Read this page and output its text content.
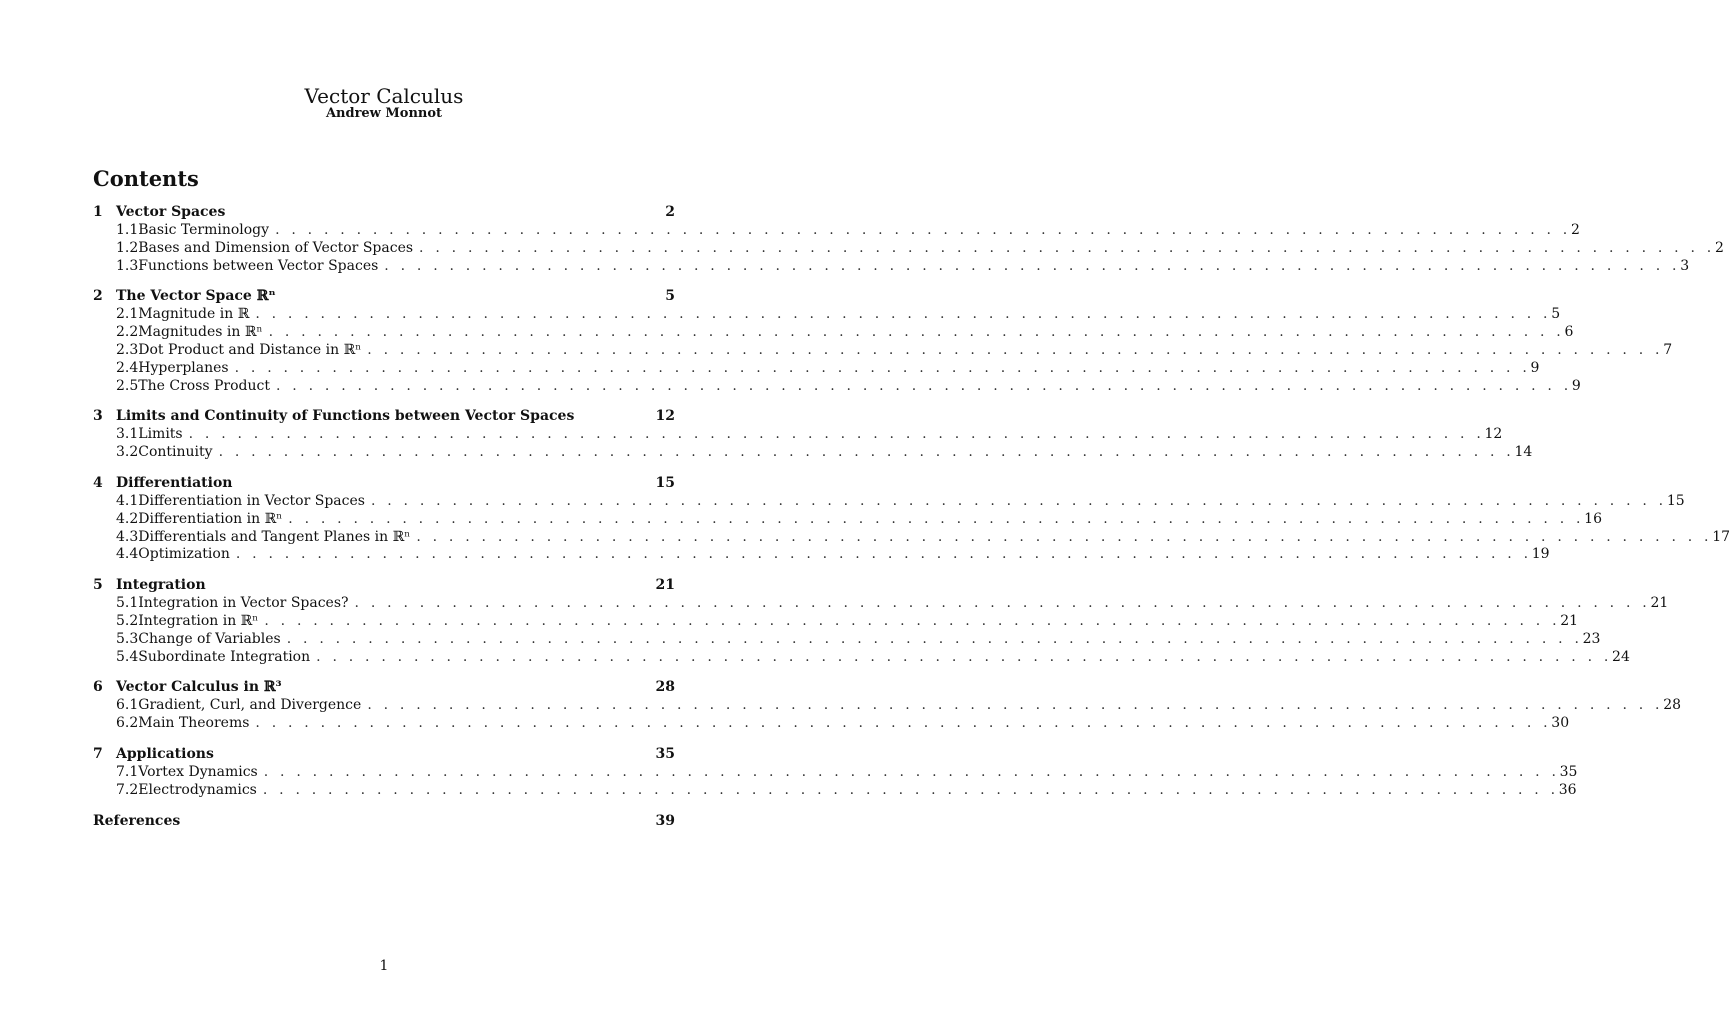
Vector Calculus
Andrew Monnot
Contents
1 Vector Spaces	2
1.1 Basic Terminology . . . . . . . . . . . . . . . . . . . . . . . . . . . . . . . . . . . . . . . . . . . . . . . . . . . . . . . . . . . . . . . . . . . . . . . . . . . . . . . . 2
1.2 Bases and Dimension of Vector Spaces . . . . . . . . . . . . . . . . . . . . . . . . . . . . . . . . . . . . . . . . . . . . . . . . . . . . . . . . . . . . . . . . . . . . . . . . . . . . . . . . 2
1.3 Functions between Vector Spaces . . . . . . . . . . . . . . . . . . . . . . . . . . . . . . . . . . . . . . . . . . . . . . . . . . . . . . . . . . . . . . . . . . . . . . . . . . . . . . . . 3
2 The Vector Space ℝⁿ	5
2.1 Magnitude in ℝ . . . . . . . . . . . . . . . . . . . . . . . . . . . . . . . . . . . . . . . . . . . . . . . . . . . . . . . . . . . . . . . . . . . . . . . . . . . . . . . . 5
2.2 Magnitudes in ℝⁿ . . . . . . . . . . . . . . . . . . . . . . . . . . . . . . . . . . . . . . . . . . . . . . . . . . . . . . . . . . . . . . . . . . . . . . . . . . . . . . . . 6
2.3 Dot Product and Distance in ℝⁿ . . . . . . . . . . . . . . . . . . . . . . . . . . . . . . . . . . . . . . . . . . . . . . . . . . . . . . . . . . . . . . . . . . . . . . . . . . . . . . . . 7
2.4 Hyperplanes . . . . . . . . . . . . . . . . . . . . . . . . . . . . . . . . . . . . . . . . . . . . . . . . . . . . . . . . . . . . . . . . . . . . . . . . . . . . . . . . 9
2.5 The Cross Product . . . . . . . . . . . . . . . . . . . . . . . . . . . . . . . . . . . . . . . . . . . . . . . . . . . . . . . . . . . . . . . . . . . . . . . . . . . . . . . . 9
3 Limits and Continuity of Functions between Vector Spaces	12
3.1 Limits . . . . . . . . . . . . . . . . . . . . . . . . . . . . . . . . . . . . . . . . . . . . . . . . . . . . . . . . . . . . . . . . . . . . . . . . . . . . . . . . 12
3.2 Continuity . . . . . . . . . . . . . . . . . . . . . . . . . . . . . . . . . . . . . . . . . . . . . . . . . . . . . . . . . . . . . . . . . . . . . . . . . . . . . . . . 14
4 Differentiation	15
4.1 Differentiation in Vector Spaces . . . . . . . . . . . . . . . . . . . . . . . . . . . . . . . . . . . . . . . . . . . . . . . . . . . . . . . . . . . . . . . . . . . . . . . . . . . . . . . . 15
4.2 Differentiation in ℝⁿ . . . . . . . . . . . . . . . . . . . . . . . . . . . . . . . . . . . . . . . . . . . . . . . . . . . . . . . . . . . . . . . . . . . . . . . . . . . . . . . . 16
4.3 Differentials and Tangent Planes in ℝⁿ . . . . . . . . . . . . . . . . . . . . . . . . . . . . . . . . . . . . . . . . . . . . . . . . . . . . . . . . . . . . . . . . . . . . . . . . . . . . . . . . 17
4.4 Optimization . . . . . . . . . . . . . . . . . . . . . . . . . . . . . . . . . . . . . . . . . . . . . . . . . . . . . . . . . . . . . . . . . . . . . . . . . . . . . . . . 19
5 Integration	21
5.1 Integration in Vector Spaces? . . . . . . . . . . . . . . . . . . . . . . . . . . . . . . . . . . . . . . . . . . . . . . . . . . . . . . . . . . . . . . . . . . . . . . . . . . . . . . . . 21
5.2 Integration in ℝⁿ . . . . . . . . . . . . . . . . . . . . . . . . . . . . . . . . . . . . . . . . . . . . . . . . . . . . . . . . . . . . . . . . . . . . . . . . . . . . . . . . 21
5.3 Change of Variables . . . . . . . . . . . . . . . . . . . . . . . . . . . . . . . . . . . . . . . . . . . . . . . . . . . . . . . . . . . . . . . . . . . . . . . . . . . . . . . . 23
5.4 Subordinate Integration . . . . . . . . . . . . . . . . . . . . . . . . . . . . . . . . . . . . . . . . . . . . . . . . . . . . . . . . . . . . . . . . . . . . . . . . . . . . . . . . 24
6 Vector Calculus in ℝ³	28
6.1 Gradient, Curl, and Divergence . . . . . . . . . . . . . . . . . . . . . . . . . . . . . . . . . . . . . . . . . . . . . . . . . . . . . . . . . . . . . . . . . . . . . . . . . . . . . . . . 28
6.2 Main Theorems . . . . . . . . . . . . . . . . . . . . . . . . . . . . . . . . . . . . . . . . . . . . . . . . . . . . . . . . . . . . . . . . . . . . . . . . . . . . . . . . 30
7 Applications	35
7.1 Vortex Dynamics . . . . . . . . . . . . . . . . . . . . . . . . . . . . . . . . . . . . . . . . . . . . . . . . . . . . . . . . . . . . . . . . . . . . . . . . . . . . . . . . 35
7.2 Electrodynamics . . . . . . . . . . . . . . . . . . . . . . . . . . . . . . . . . . . . . . . . . . . . . . . . . . . . . . . . . . . . . . . . . . . . . . . . . . . . . . . . 36
References	39
1
